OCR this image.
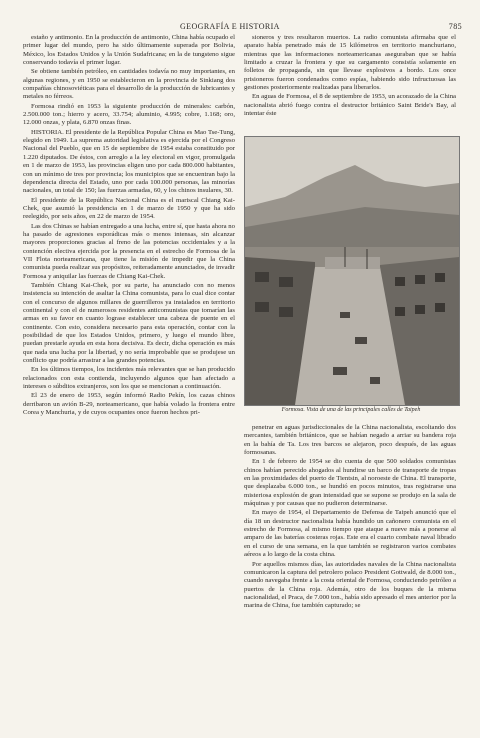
GEOGRAFÍA E HISTORIA	785

estaño y antimonio. En la producción de antimonio, China había ocupado el primer lugar del mundo, pero ha sido últimamente superada por Bolivia, México, los Estados Unidos y la Unión Sudafricana; en la de tungsteno sigue conservando todavía el primer lugar.

Se obtiene también petróleo, en cantidades todavía no muy importantes, en algunas regiones, y en 1950 se establecieron en la provincia de Sinkiang dos compañías chinosoviéticas para el desarrollo de la producción de lubricantes y metales no férreos.

Formosa rindió en 1953 la siguiente producción de minerales: carbón, 2.500.000 ton.; hierro y acero, 33.754; aluminio, 4.995; cobre, 1.168; oro, 12.000 onzas, y plata, 6.870 onzas finas.

HISTORIA. El presidente de la República Popular China es Mao Tse-Tung, elegido en 1949. La suprema autoridad legislativa es ejercida por el Congreso Nacional del Pueblo, que en 15 de septiembre de 1954 estaba constituido por 1.220 diputados. De éstos, con arreglo a la ley electoral en vigor, promulgada en 1 de marzo de 1953, las provincias eligen uno por cada 800.000 habitantes, con un mínimo de tres por provincia; los municipios que se encuentran bajo la dependencia directa del Estado, uno por cada 100.000 personas, las minorías nacionales, un total de 150; las fuerzas armadas, 60, y los chinos insulares, 30.

El presidente de la República Nacional China es el mariscal Chiang Kai-Chek, que asumió la presidencia en 1 de marzo de 1950 y que ha sido reelegido, por seis años, en 22 de marzo de 1954.

Las dos Chinas se habían entregado a una lucha, entre sí, que hasta ahora no ha pasado de agresiones esporádicas más o menos intensas, sin alcanzar mayores proporciones gracias al freno de las potencias occidentales y a la contención electiva ejercida por la presencia en el estrecho de Formosa de la VII Flota norteamericana, que tiene la misión de impedir que la China comunista pueda realizar sus propósitos, reiteradamente anunciados, de invadir Formosa y aniquilar las fuerzas de Chiang Kai-Chek.

También Chiang Kai-Chek, por su parte, ha anunciado con no menos insistencia su intención de asaltar la China comunista, para lo cual dice contar con el concurso de algunos millares de guerrilleros ya instalados en territorio continental y con el de numerosos residentes anticomunistas que tomarían las armas en su favor en cuanto lograse establecer una cabeza de puente en el continente. Con esto, considera necesario para esta operación, contar con la posibilidad de que los Estados Unidos, primero, y luego el mundo libre, puedan prestarle ayuda en esta hora decisiva. Es decir, dicha operación es más que nada una lucha por la libertad, y no sería improbable que se produjese un conflicto que podría arrastrar a las grandes potencias.

En los últimos tiempos, los incidentes más relevantes que se han producido relacionados con esta contienda, incluyendo algunos que han afectado a intereses o súbditos extranjeros, son los que se mencionan a continuación.

El 23 de enero de 1953, según informó Radio Pekín, los cazas chinos derribaron un avión B-29, norteamericano, que había volado la frontera entre Corea y Manchuria, y de cuyos ocupantes once fueron hechos pri-

sioneros y tres resultaron muertos. La radio comunista afirmaba que el aparato había penetrado más de 15 kilómetros en territorio manchuriano, mientras que las informaciones norteamericanas aseguraban que se había limitado a cruzar la frontera y que su cargamento consistía solamente en folletos de propaganda, sin que llevase explosivos a bordo. Los once prisioneros fueron condenados como espías, habiendo sido infructuosas las gestiones posteriormente realizadas para liberarlos.

En aguas de Formosa, el 8 de septiembre de 1953, un acorazado de la China nacionalista abrió fuego contra el destructor británico Saint Bride's Bay, al intentar éste

Formosa. Vista de una de las principales calles de Taipeh

penetrar en aguas jurisdiccionales de la China nacionalista, escoltando dos mercantes, también británicos, que se habían negado a arriar su bandera roja en la bahía de Ta. Los tres barcos se alejaron, poco después, de las aguas formosanas.

En 1 de febrero de 1954 se dio cuenta de que 500 soldados comunistas chinos habían perecido ahogados al hundirse un barco de transporte de tropas en las proximidades del puerto de Tientsin, al noroeste de China. El transporte, que desplazaba 6.000 ton., se hundió en pocos minutos, tras registrarse una misteriosa explosión de gran intensidad que se supone se produjo en la sala de máquinas y por causas que no pudieron determinarse.

En mayo de 1954, el Departamento de Defensa de Taipeh anunció que el día 18 un destructor nacionalista había hundido un cañonero comunista en el estrecho de Formosa, al mismo tiempo que ataque a nueve más a ponerse al amparo de las baterías costeras rojas. Este era el cuarto combate naval librado en el curso de una semana, en la que también se registraron varios combates aéreos a lo largo de la costa china.

Por aquellos mismos días, las autoridades navales de la China nacionalista comunicaron la captura del petrolero polaco President Gottwald, de 8.000 ton., cuando navegaba frente a la costa oriental de Formosa, conduciendo petróleo a puertos de la China roja. Además, otro de los buques de la misma nacionalidad, el Praca, de 7.000 ton., había sido apresado el mes anterior por la marina de China, fue también capturado; se
